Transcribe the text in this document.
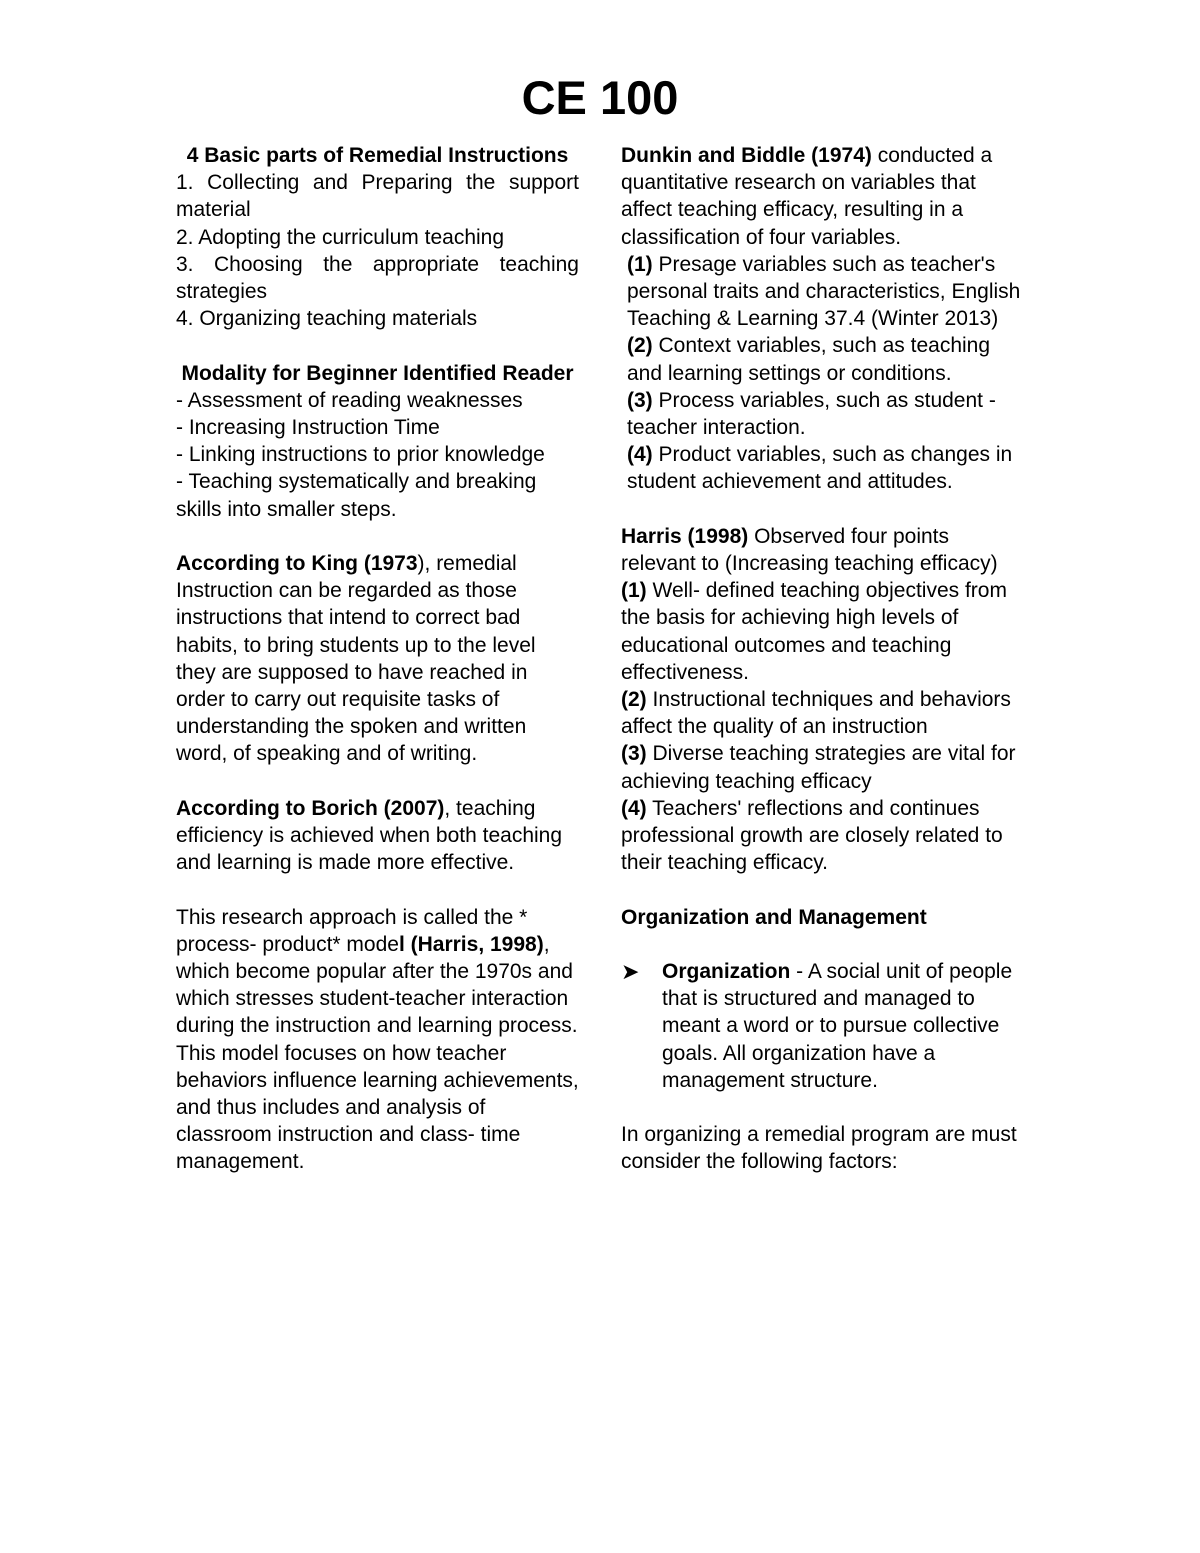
CE 100
4 Basic parts of Remedial Instructions

1. Collecting and Preparing the support material

2. Adopting the curriculum teaching

3. Choosing the appropriate teaching strategies

4. Organizing teaching materials

Modality for Beginner Identified Reader

- Assessment of reading weaknesses

- Increasing Instruction Time

- Linking instructions to prior knowledge

- Teaching systematically and breaking skills into smaller steps.

According to King (1973), remedial Instruction can be regarded as those instructions that intend to correct bad habits, to bring students up to the level they are supposed to have reached in order to carry out requisite tasks of understanding the spoken and written word, of speaking and of writing.

According to Borich (2007), teaching efficiency is achieved when both teaching and learning is made more effective.

This research approach is called the * process- product* model (Harris, 1998), which become popular after the 1970s and which stresses student-teacher interaction during the instruction and learning process. This model focuses on how teacher behaviors influence learning achievements, and thus includes and analysis of classroom instruction and class- time management.

Dunkin and Biddle (1974) conducted a quantitative research on variables that affect teaching efficacy, resulting in a classification of four variables.

(1) Presage variables such as teacher's personal traits and characteristics, English Teaching & Learning 37.4 (Winter 2013)

(2) Context variables, such as teaching and learning settings or conditions.

(3) Process variables, such as student - teacher interaction.

(4) Product variables, such as changes in student achievement and attitudes.

Harris (1998) Observed four points relevant to (Increasing teaching efficacy)

(1) Well- defined teaching objectives from the basis for achieving high levels of educational outcomes and teaching effectiveness.

(2) Instructional techniques and behaviors affect the quality of an instruction

(3) Diverse teaching strategies are vital for achieving teaching efficacy

(4) Teachers' reflections and continues professional growth are closely related to their teaching efficacy.

Organization and Management

➤	Organization - A social unit of people that is structured and managed to meant a word or to pursue collective goals. All organization have a management structure.

In organizing a remedial program are must consider the following factors:
